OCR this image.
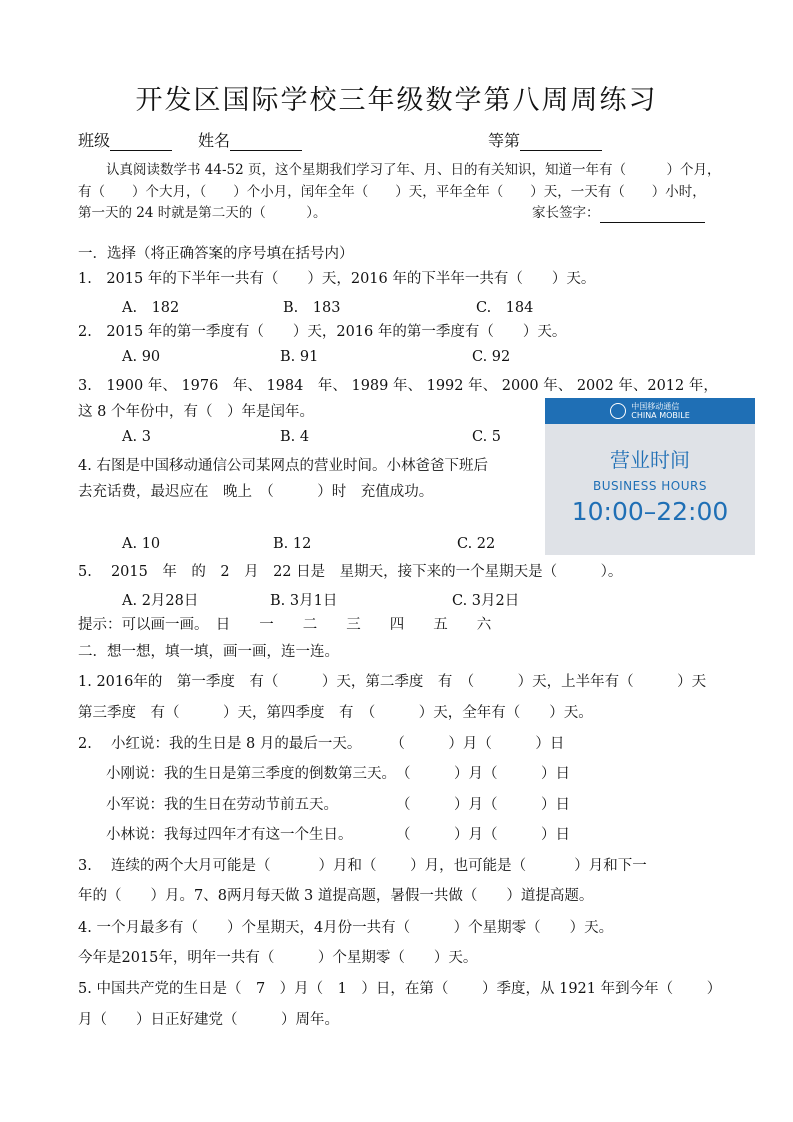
开发区国际学校三年级数学第八周周练习
班级	姓名	等第
认真阅读数学书 44-52 页，这个星期我们学习了年、月、日的有关知识，知道一年有（　　　）个月，
有（　　）个大月，（　　）个小月，闰年全年（　　）天，平年全年（　　）天，一天有（　　）小时，
第一天的 24 时就是第二天的（　　　）。	家长签字：
一．选择（将正确答案的序号填在括号内）
1.　2015 年的下半年一共有（　　）天，2016 年的下半年一共有（　　）天。
A.　182	B.　183	C.　184
2.　2015 年的第一季度有（　　）天，2016 年的第一季度有（　　）天。
A. 90	B. 91	C. 92
3.　1900 年、 1976　年、 1984　年、 1989 年、 1992 年、 2000 年、 2002 年、2012 年，
这 8 个年份中，有（　）年是闰年。
A. 3	B. 4	C. 5
4. 右图是中国移动通信公司某网点的营业时间。小林爸爸下班后
去充话费，最迟应在　晚上　（　　　）时　充值成功。
A. 10	B. 12	C. 22
中国移动通信
CHINA MOBILE
营业时间
BUSINESS HOURS
10:00–22:00
5.　 2015　年　的　2　月　22 日是　星期天，接下来的一个星期天是（　　　）。
A. 2月28日	B. 3月1日	C. 3月2日
提示：可以画一画。　日　　一　　二　　三　　四　　五　　六
二．想一想，填一填，画一画，连一连。
1. 2016年的　第一季度　有（　　　）天，第二季度　有　（　　　）天，上半年有（　　　）天
第三季度　有（　　　）天，第四季度　有　（　　　）天，全年有（　　）天。
2.　 小红说：我的生日是 8 月的最后一天。　　　（　　　）月（　　　）日
小刚说：我的生日是第三季度的倒数第三天。　（　　　）月（　　　）日
小军说：我的生日在劳动节前五天。　　　　　（　　　）月（　　　）日
小林说：我每过四年才有这一个生日。　　　　（　　　）月（　　　）日
3.　 连续的两个大月可能是（　　　 ）月和（　　 ）月，也可能是（　　　 ）月和下一
年的（　　）月。7、8两月每天做 3 道提高题，暑假一共做（　　）道提高题。
4. 一个月最多有（　　）个星期天，4月份一共有（　　　）个星期零（　　）天。
今年是2015年，明年一共有（　　　）个星期零（　　）天。
5. 中国共产党的生日是（　7　）月（　1　）日，在第（　　 ）季度，从 1921 年到今年（　　 ）
月（　　）日正好建党（　　　）周年。
